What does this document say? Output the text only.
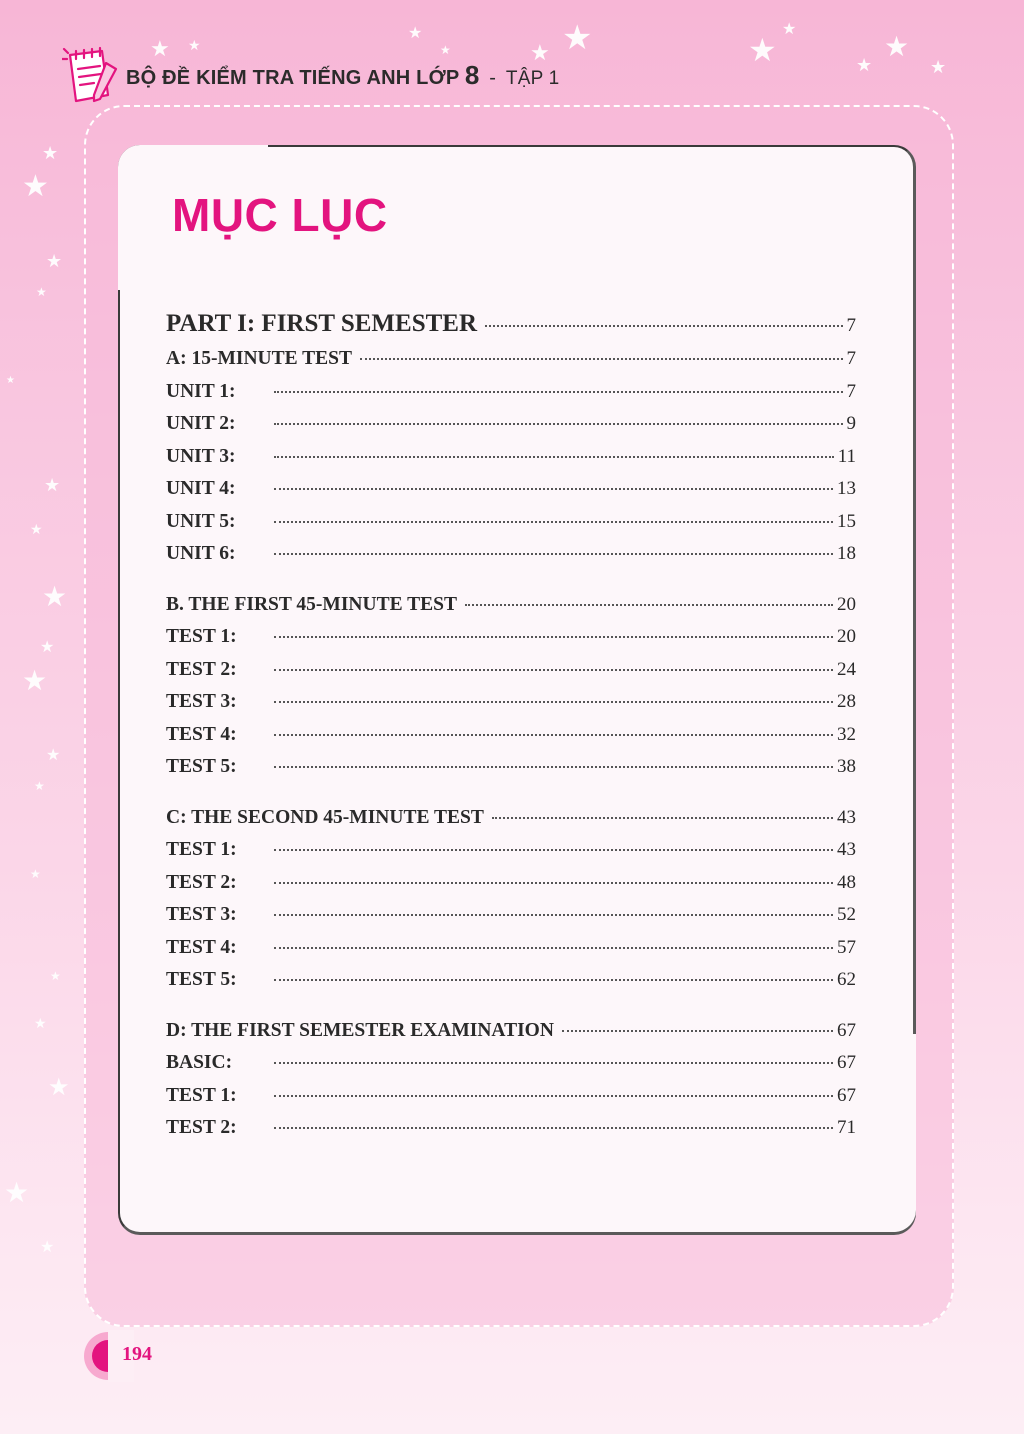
★ ★
★
★	★ ★	★
★
★
★
★
★
★
★
★
★
★
★
★
★
★
★
★
★
★
★
★
★
★
BỘ ĐỀ KIỂM TRA TIẾNG ANH LỚP 8 - TẬP 1
MỤC LỤC
PART I: FIRST SEMESTER	7
A: 15-MINUTE TEST	7
UNIT 1:	7
UNIT 2:	9
UNIT 3:	11
UNIT 4:	13
UNIT 5:	15
UNIT 6:	18
B. THE FIRST 45-MINUTE TEST	20
TEST 1:	20
TEST 2:	24
TEST 3:	28
TEST 4:	32
TEST 5:	38
C: THE SECOND 45-MINUTE TEST	43
TEST 1:	43
TEST 2:	48
TEST 3:	52
TEST 4:	57
TEST 5:	62
D: THE FIRST SEMESTER EXAMINATION	67
BASIC:	67
TEST 1:	67
TEST 2:	71
194
